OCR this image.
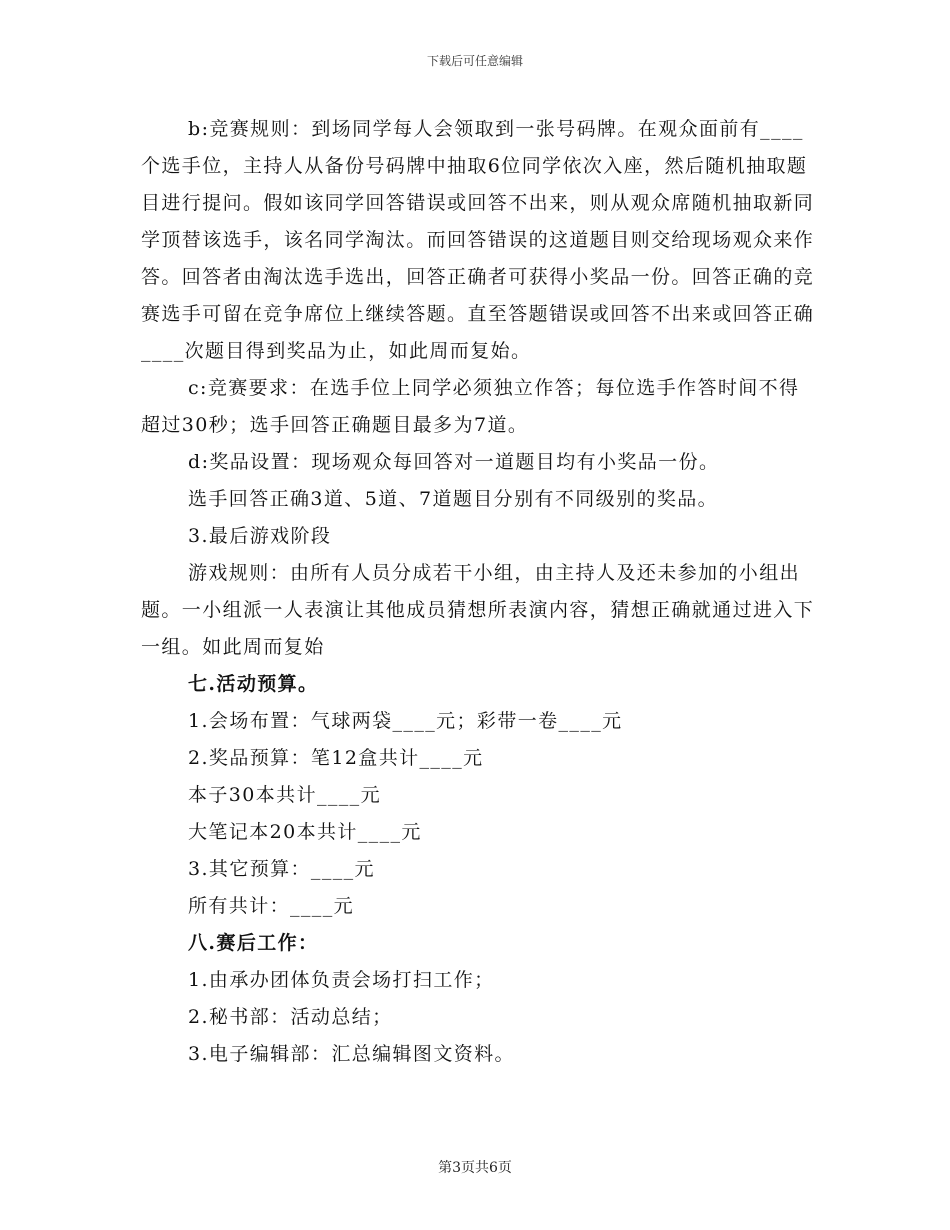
下载后可任意编辑

b:竞赛规则：到场同学每人会领取到一张号码牌。在观众面前有____个选手位，主持人从备份号码牌中抽取6位同学依次入座，然后随机抽取题目进行提问。假如该同学回答错误或回答不出来，则从观众席随机抽取新同学顶替该选手，该名同学淘汰。而回答错误的这道题目则交给现场观众来作答。回答者由淘汰选手选出，回答正确者可获得小奖品一份。回答正确的竞赛选手可留在竞争席位上继续答题。直至答题错误或回答不出来或回答正确____次题目得到奖品为止，如此周而复始。

c:竞赛要求：在选手位上同学必须独立作答；每位选手作答时间不得超过30秒；选手回答正确题目最多为7道。

d:奖品设置：现场观众每回答对一道题目均有小奖品一份。

选手回答正确3道、5道、7道题目分别有不同级别的奖品。

3.最后游戏阶段

游戏规则：由所有人员分成若干小组，由主持人及还未参加的小组出题。一小组派一人表演让其他成员猜想所表演内容，猜想正确就通过进入下一组。如此周而复始

七.活动预算。

1.会场布置：气球两袋____元；彩带一卷____元

2.奖品预算：笔12盒共计____元

本子30本共计____元

大笔记本20本共计____元

3.其它预算：____元

所有共计：____元

八.赛后工作：

1.由承办团体负责会场打扫工作；

2.秘书部：活动总结；

3.电子编辑部：汇总编辑图文资料。

第3页共6页
